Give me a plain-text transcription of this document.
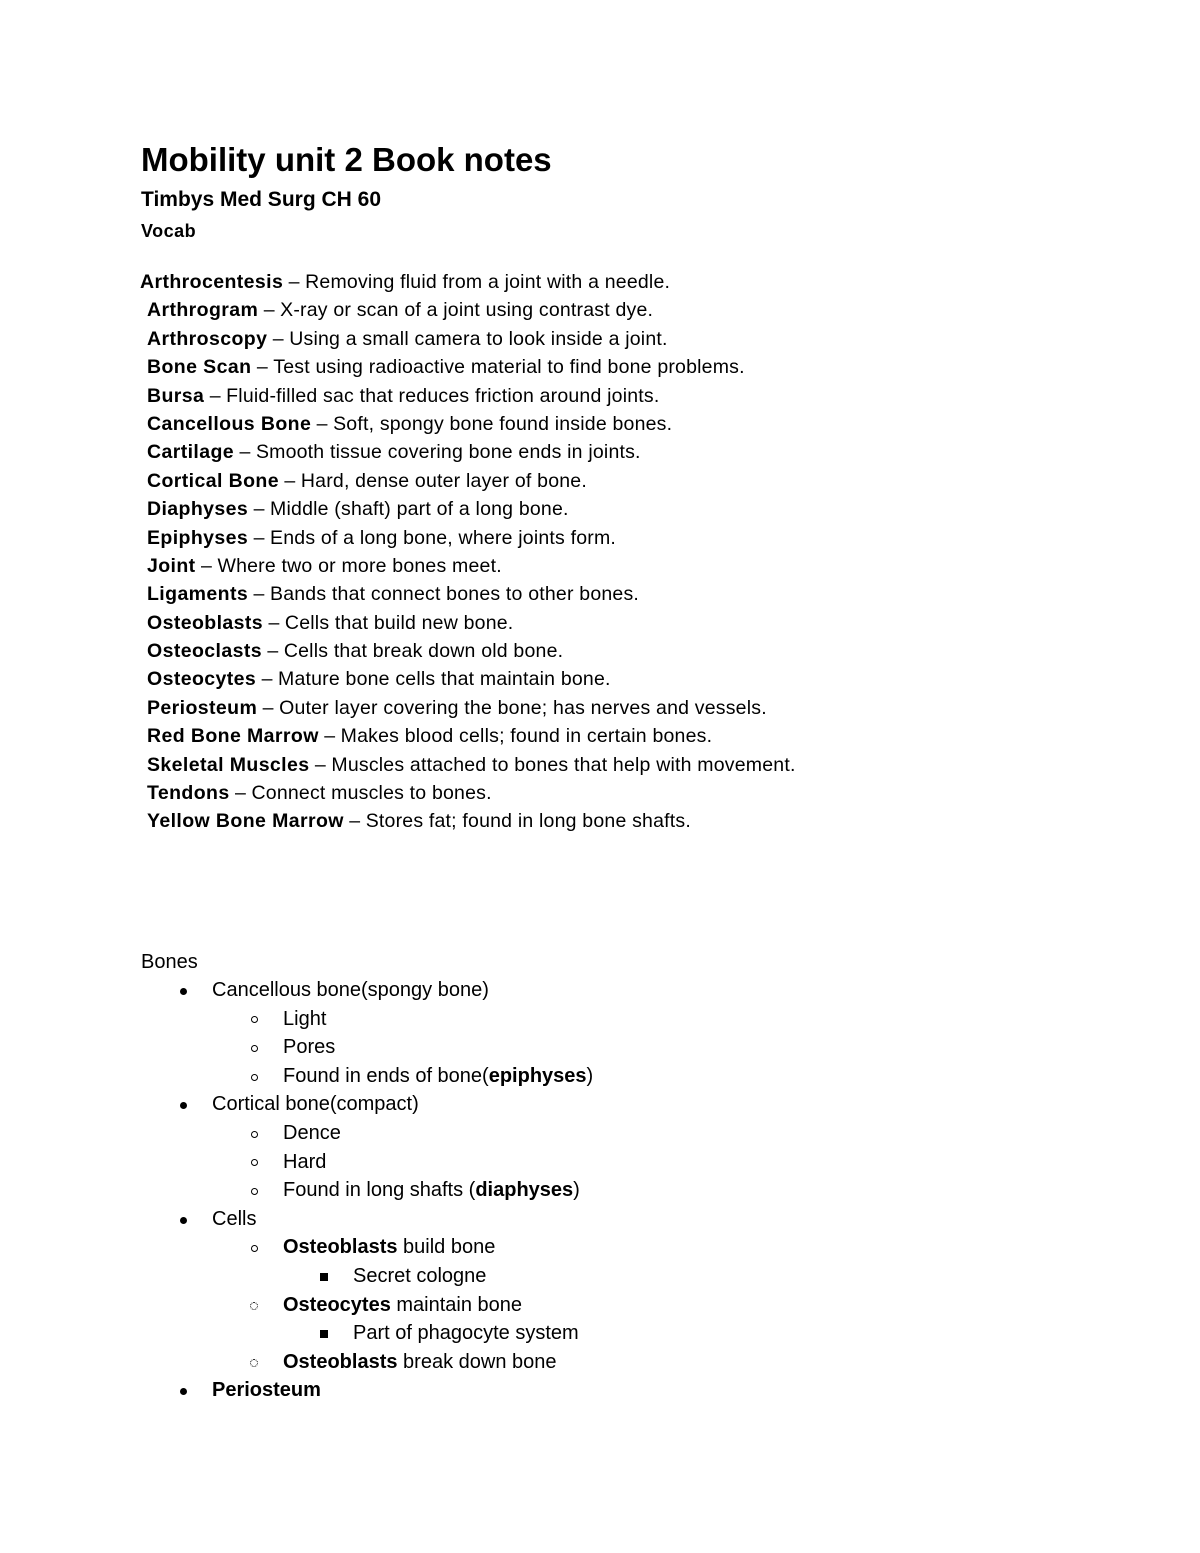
Mobility unit 2 Book notes
Timbys Med Surg CH 60
Vocab
Arthrocentesis – Removing fluid from a joint with a needle.
Arthrogram – X-ray or scan of a joint using contrast dye.
Arthroscopy – Using a small camera to look inside a joint.
Bone Scan – Test using radioactive material to find bone problems.
Bursa – Fluid-filled sac that reduces friction around joints.
Cancellous Bone – Soft, spongy bone found inside bones.
Cartilage – Smooth tissue covering bone ends in joints.
Cortical Bone – Hard, dense outer layer of bone.
Diaphyses – Middle (shaft) part of a long bone.
Epiphyses – Ends of a long bone, where joints form.
Joint – Where two or more bones meet.
Ligaments – Bands that connect bones to other bones.
Osteoblasts – Cells that build new bone.
Osteoclasts – Cells that break down old bone.
Osteocytes – Mature bone cells that maintain bone.
Periosteum – Outer layer covering the bone; has nerves and vessels.
Red Bone Marrow – Makes blood cells; found in certain bones.
Skeletal Muscles – Muscles attached to bones that help with movement.
Tendons – Connect muscles to bones.
Yellow Bone Marrow – Stores fat; found in long bone shafts.

Bones

Cancellous bone(spongy bone)
Light
Pores
Found in ends of bone(epiphyses)
Cortical bone(compact)
Dence
Hard
Found in long shafts (diaphyses)
Cells
Osteoblasts build bone
Secret cologne
Osteocytes maintain bone
Part of phagocyte system
Osteoblasts break down bone
Periosteum
